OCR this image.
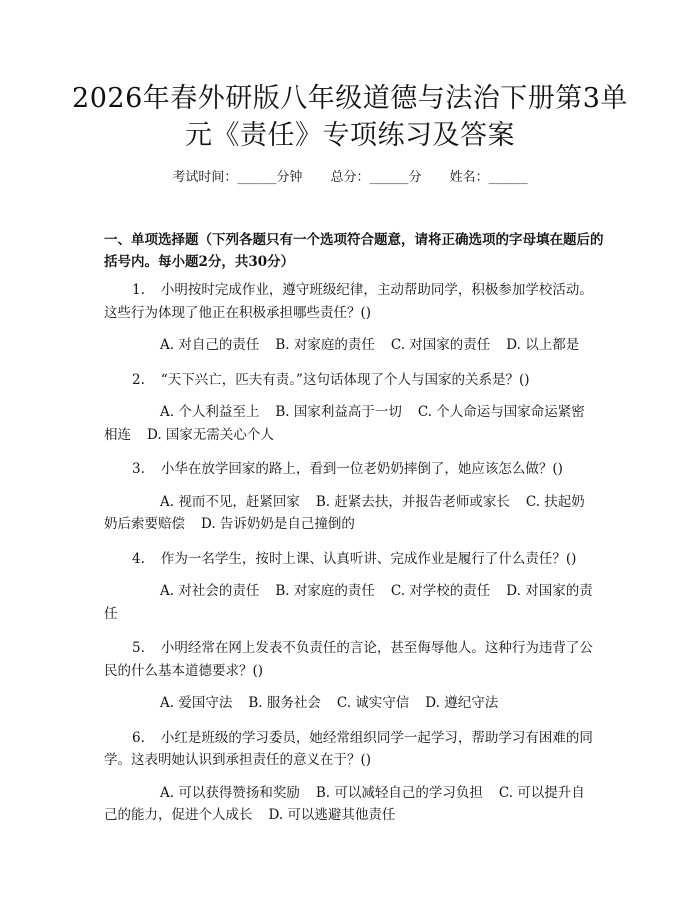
2026年春外研版八年级道德与法治下册第3单元《责任》专项练习及答案
考试时间：______分钟 总分：______分 姓名：______
一、单项选择题（下列各题只有一个选项符合题意，请将正确选项的字母填在题后的括号内。每小题2分，共30分）

1. 小明按时完成作业，遵守班级纪律，主动帮助同学，积极参加学校活动。这些行为体现了他正在积极承担哪些责任？()

A. 对自己的责任 B. 对家庭的责任 C. 对国家的责任 D. 以上都是

2. “天下兴亡，匹夫有责。”这句话体现了个人与国家的关系是？()

A. 个人利益至上 B. 国家利益高于一切 C. 个人命运与国家命运紧密相连 D. 国家无需关心个人

3. 小华在放学回家的路上，看到一位老奶奶摔倒了，她应该怎么做？()

A. 视而不见，赶紧回家 B. 赶紧去扶，并报告老师或家长 C. 扶起奶奶后索要赔偿 D. 告诉奶奶是自己撞倒的

4. 作为一名学生，按时上课、认真听讲、完成作业是履行了什么责任？()

A. 对社会的责任 B. 对家庭的责任 C. 对学校的责任 D. 对国家的责任

5. 小明经常在网上发表不负责任的言论，甚至侮辱他人。这种行为违背了公民的什么基本道德要求？()

A. 爱国守法 B. 服务社会 C. 诚实守信 D. 遵纪守法

6. 小红是班级的学习委员，她经常组织同学一起学习，帮助学习有困难的同学。这表明她认识到承担责任的意义在于？()

A. 可以获得赞扬和奖励 B. 可以减轻自己的学习负担 C. 可以提升自己的能力，促进个人成长 D. 可以逃避其他责任
